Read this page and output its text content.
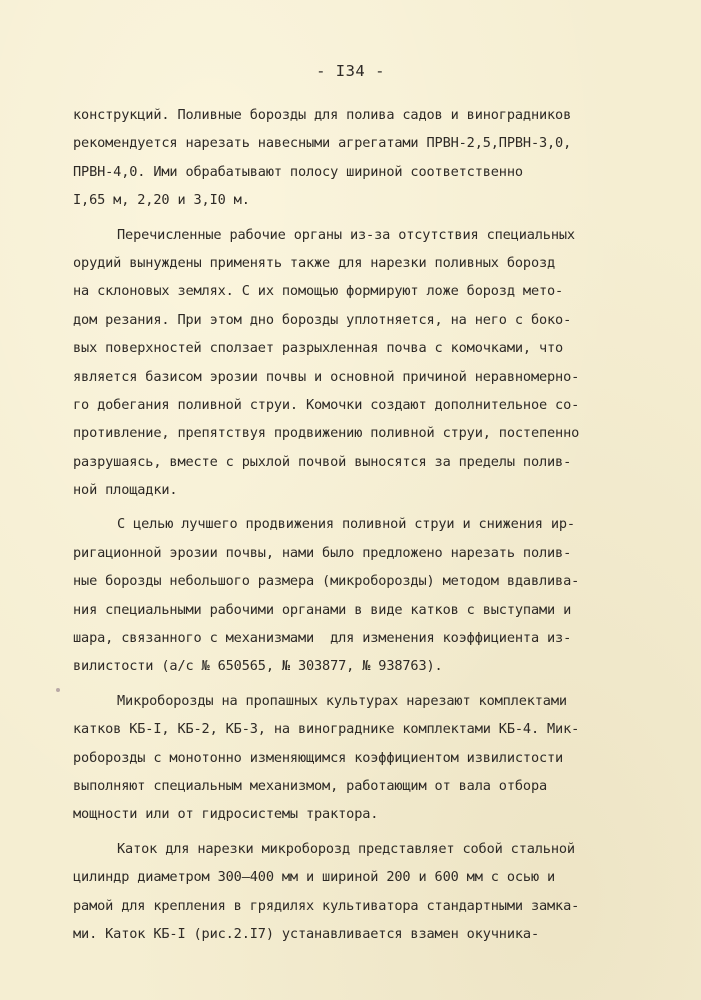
- I34 -
конструкций. Поливные борозды для полива садов и виноградников
рекомендуется нарезать навесными агрегатами ПРВН-2,5,ПРВН-3,0,
ПРВН-4,0. Ими обрабатывают полосу шириной соответственно
I,65 м, 2,20 и 3,I0 м.
Перечисленные рабочие органы из-за отсутствия специальных
орудий вынуждены применять также для нарезки поливных борозд
на склоновых землях. С их помощью формируют ложе борозд мето-
дом резания. При этом дно борозды уплотняется, на него с боко-
вых поверхностей сползает разрыхленная почва с комочками, что
является базисом эрозии почвы и основной причиной неравномерно-
го добегания поливной струи. Комочки создают дополнительное со-
противление, препятствуя продвижению поливной струи, постепенно
разрушаясь, вместе с рыхлой почвой выносятся за пределы полив-
ной площадки.
С целью лучшего продвижения поливной струи и снижения ир-
ригационной эрозии почвы, нами было предложено нарезать полив-
ные борозды небольшого размера (микроборозды) методом вдавлива-
ния специальными рабочими органами в виде катков с выступами и
шара, связанного с механизмами  для изменения коэффициента из-
вилистости (а/с № 650565, № 303877, № 938763).
Микроборозды на пропашных культурах нарезают комплектами
катков КБ-I, КБ-2, КБ-3, на винограднике комплектами КБ-4. Мик-
роборозды с монотонно изменяющимся коэффициентом извилистости
выполняют специальным механизмом, работающим от вала отбора
мощности или от гидросистемы трактора.
Каток для нарезки микроборозд представляет собой стальной
цилиндр диаметром 300—400 мм и шириной 200 и 600 мм с осью и
рамой для крепления в грядилях культиватора стандартными замка-
ми. Каток КБ-I (рис.2.I7) устанавливается взамен окучника-
